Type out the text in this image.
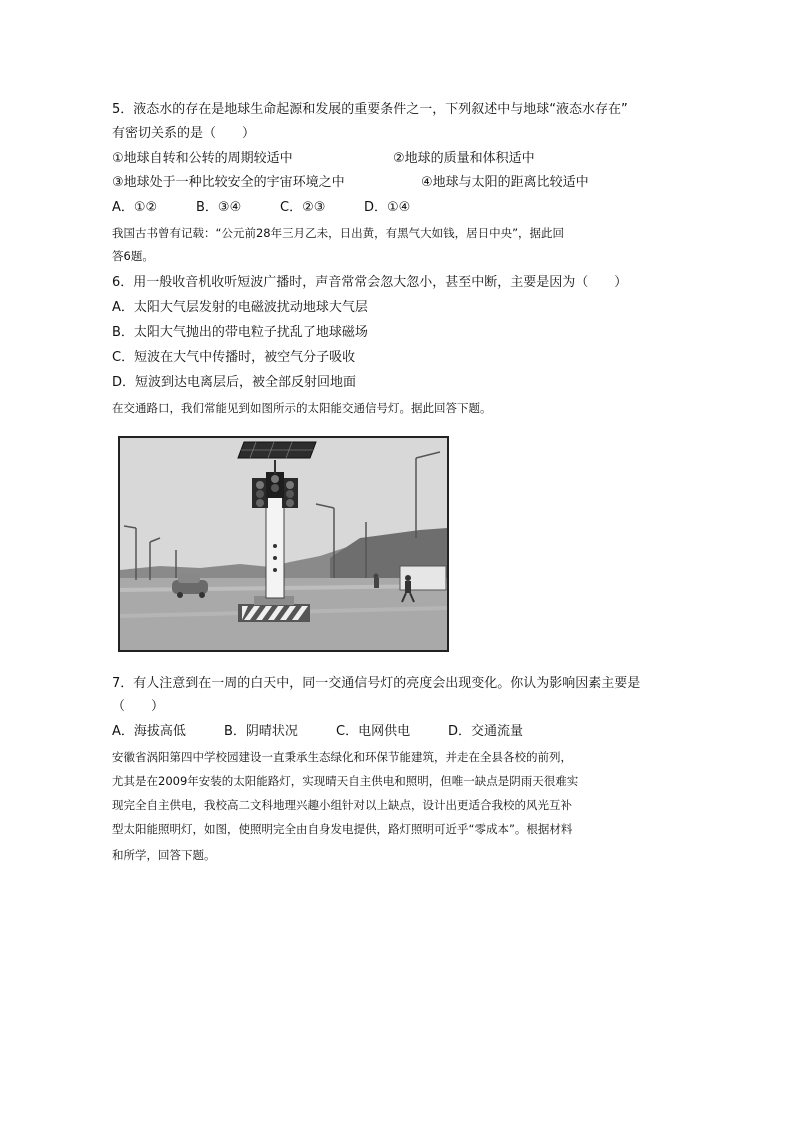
5．液态水的存在是地球生命起源和发展的重要条件之一，下列叙述中与地球“液态水存在”
有密切关系的是（　　）
①地球自转和公转的周期较适中	②地球的质量和体积适中
③地球处于一种比较安全的宇宙环境之中	④地球与太阳的距离比较适中
A．①②	B．③④	C．②③	D．①④
我国古书曾有记载：“公元前28年三月乙未，日出黄，有黑气大如钱，居日中央”，据此回
答6题。
6．用一般收音机收听短波广播时，声音常常会忽大忽小，甚至中断，主要是因为（　　）
A．太阳大气层发射的电磁波扰动地球大气层
B．太阳大气抛出的带电粒子扰乱了地球磁场
C．短波在大气中传播时，被空气分子吸收
D．短波到达电离层后，被全部反射回地面
在交通路口，我们常能见到如图所示的太阳能交通信号灯。据此回答下题。
7．有人注意到在一周的白天中，同一交通信号灯的亮度会出现变化。你认为影响因素主要是
（　　）
A．海拔高低	B．阴晴状况	C．电网供电	D．交通流量
安徽省涡阳第四中学校园建设一直秉承生态绿化和环保节能建筑，并走在全县各校的前列，
尤其是在2009年安装的太阳能路灯，实现晴天自主供电和照明，但唯一缺点是阴雨天很难实
现完全自主供电，我校高二文科地理兴趣小组针对以上缺点，设计出更适合我校的风光互补
型太阳能照明灯，如图，使照明完全由自身发电提供，路灯照明可近乎“零成本”。根据材料
和所学，回答下题。
